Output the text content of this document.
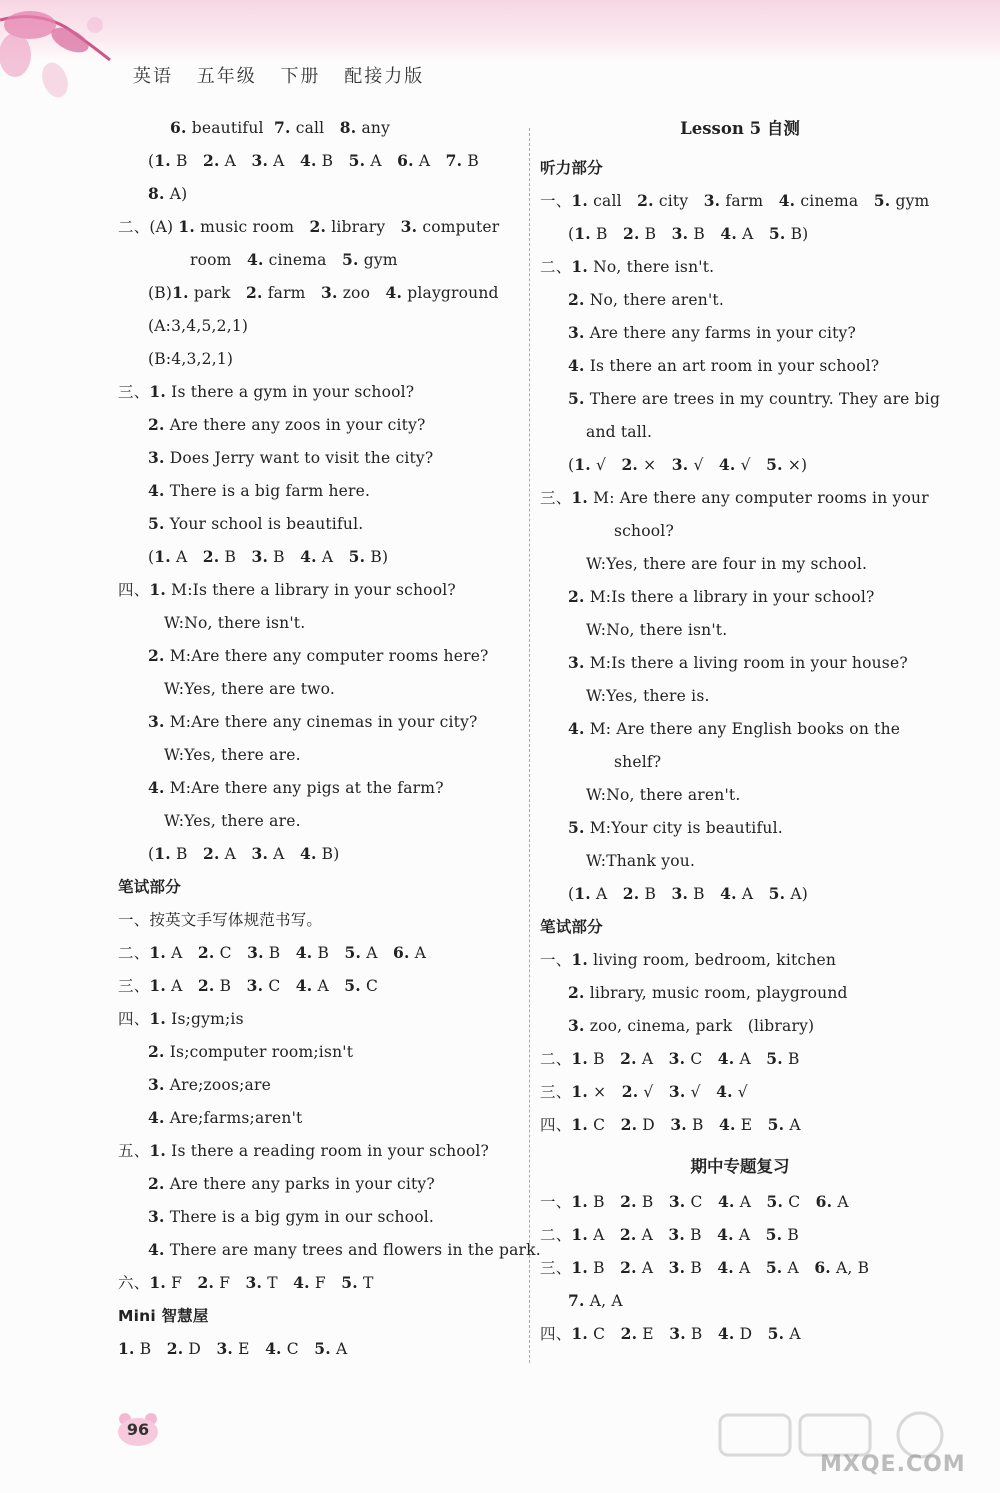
英语 五年级 下册 配接力版
6. beautiful  7. call   8. any
(1. B   2. A   3. A   4. B   5. A   6. A   7. B
8. A)
二、(A) 1. music room   2. library   3. computer
room   4. cinema   5. gym
(B)1. park   2. farm   3. zoo   4. playground
(A:3,4,5,2,1)
(B:4,3,2,1)
三、1. Is there a gym in your school?
2. Are there any zoos in your city?
3. Does Jerry want to visit the city?
4. There is a big farm here.
5. Your school is beautiful.
(1. A   2. B   3. B   4. A   5. B)
四、1. M:Is there a library in your school?
W:No, there isn't.
2. M:Are there any computer rooms here?
W:Yes, there are two.
3. M:Are there any cinemas in your city?
W:Yes, there are.
4. M:Are there any pigs at the farm?
W:Yes, there are.
(1. B   2. A   3. A   4. B)
笔试部分
一、按英文手写体规范书写。
二、1. A   2. C   3. B   4. B   5. A   6. A
三、1. A   2. B   3. C   4. A   5. C
四、1. Is;gym;is
2. Is;computer room;isn't
3. Are;zoos;are
4. Are;farms;aren't
五、1. Is there a reading room in your school?
2. Are there any parks in your city?
3. There is a big gym in our school.
4. There are many trees and flowers in the park.
六、1. F   2. F   3. T   4. F   5. T
Mini 智慧屋
1. B   2. D   3. E   4. C   5. A
Lesson 5 自测
听力部分
一、1. call   2. city   3. farm   4. cinema   5. gym
(1. B   2. B   3. B   4. A   5. B)
二、1. No, there isn't.
2. No, there aren't.
3. Are there any farms in your city?
4. Is there an art room in your school?
5. There are trees in my country. They are big
and tall.
(1. √   2. ×   3. √   4. √   5. ×)
三、1. M: Are there any computer rooms in your
school?
W:Yes, there are four in my school.
2. M:Is there a library in your school?
W:No, there isn't.
3. M:Is there a living room in your house?
W:Yes, there is.
4. M: Are there any English books on the
shelf?
W:No, there aren't.
5. M:Your city is beautiful.
W:Thank you.
(1. A   2. B   3. B   4. A   5. A)
笔试部分
一、1. living room, bedroom, kitchen
2. library, music room, playground
3. zoo, cinema, park   (library)
二、1. B   2. A   3. C   4. A   5. B
三、1. ×   2. √   3. √   4. √
四、1. C   2. D   3. B   4. E   5. A
期中专题复习
一、1. B   2. B   3. C   4. A   5. C   6. A
二、1. A   2. A   3. B   4. A   5. B
三、1. B   2. A   3. B   4. A   5. A   6. A, B
7. A, A
四、1. C   2. E   3. B   4. D   5. A
96
MXQE.COM
